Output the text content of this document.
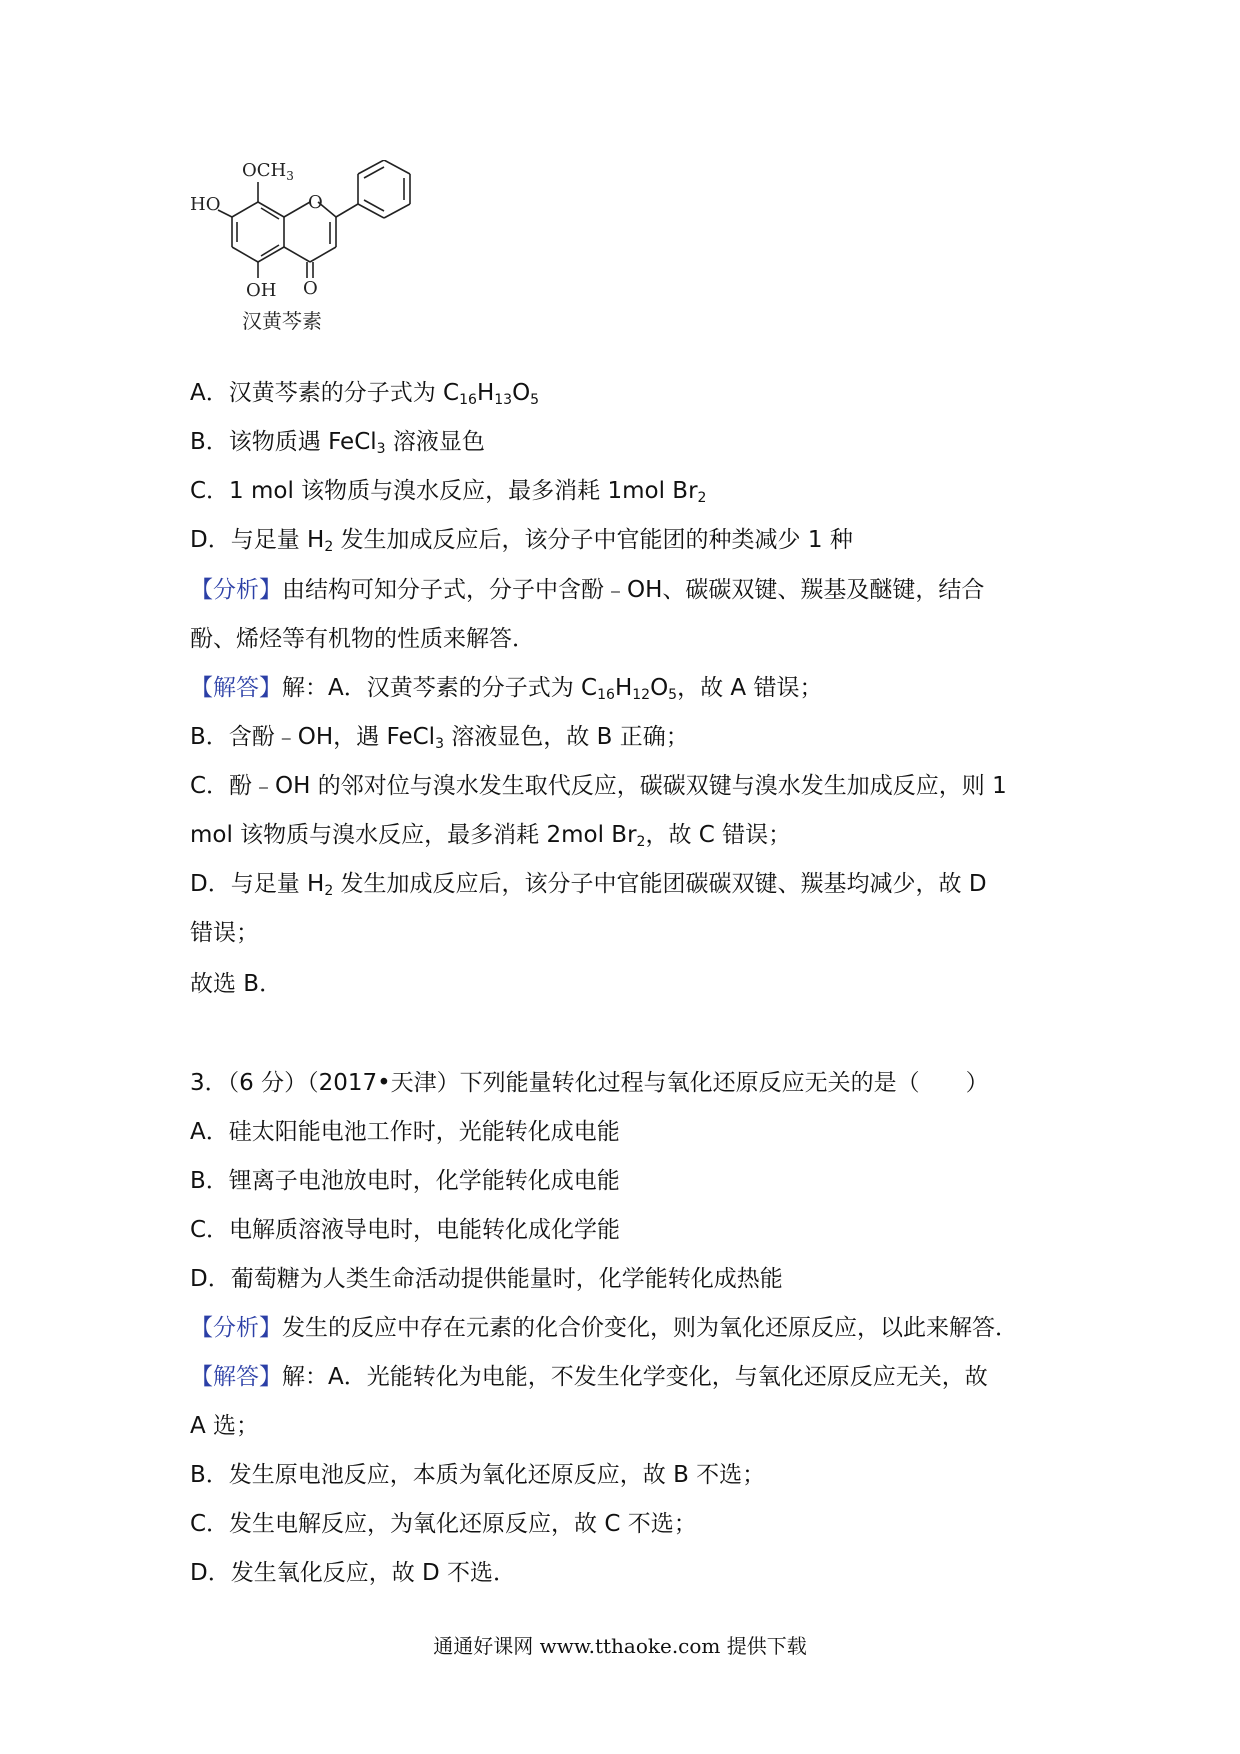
$OCH_3$
HO	O
OH O
汉黄芩素
A．汉黄芩素的分子式为 $C_{16}H_{13}O_5$
B．该物质遇 FeCl$_3$ 溶液显色
C．1 mol 该物质与溴水反应，最多消耗 1mol $Br_2$
D．与足量 $H_2$ 发生加成反应后，该分子中官能团的种类减少 1 种
【分析】由结构可知分子式，分子中含酚﹣OH、碳碳双键、羰基及醚键，结合
酚、烯烃等有机物的性质来解答．
【解答】解：A．汉黄芩素的分子式为 $C_{16}H_{12}O_5$，故 A 错误；
B．含酚﹣OH，遇 FeCl$_3$ 溶液显色，故 B 正确；
C．酚﹣OH 的邻对位与溴水发生取代反应，碳碳双键与溴水发生加成反应，则 1
mol 该物质与溴水反应，最多消耗 2mol $Br_2$，故 C 错误；
D．与足量 $H_2$ 发生加成反应后，该分子中官能团碳碳双键、羰基均减少，故 D
错误；
故选 B．
3．（6 分）（2017•天津）下列能量转化过程与氧化还原反应无关的是（　　）
A．硅太阳能电池工作时，光能转化成电能
B．锂离子电池放电时，化学能转化成电能
C．电解质溶液导电时，电能转化成化学能
D．葡萄糖为人类生命活动提供能量时，化学能转化成热能
【分析】发生的反应中存在元素的化合价变化，则为氧化还原反应，以此来解答．
【解答】解：A．光能转化为电能，不发生化学变化，与氧化还原反应无关，故
A 选；
B．发生原电池反应，本质为氧化还原反应，故 B 不选；
C．发生电解反应，为氧化还原反应，故 C 不选；
D．发生氧化反应，故 D 不选．
通通好课网 www.tthaoke.com 提供下载
